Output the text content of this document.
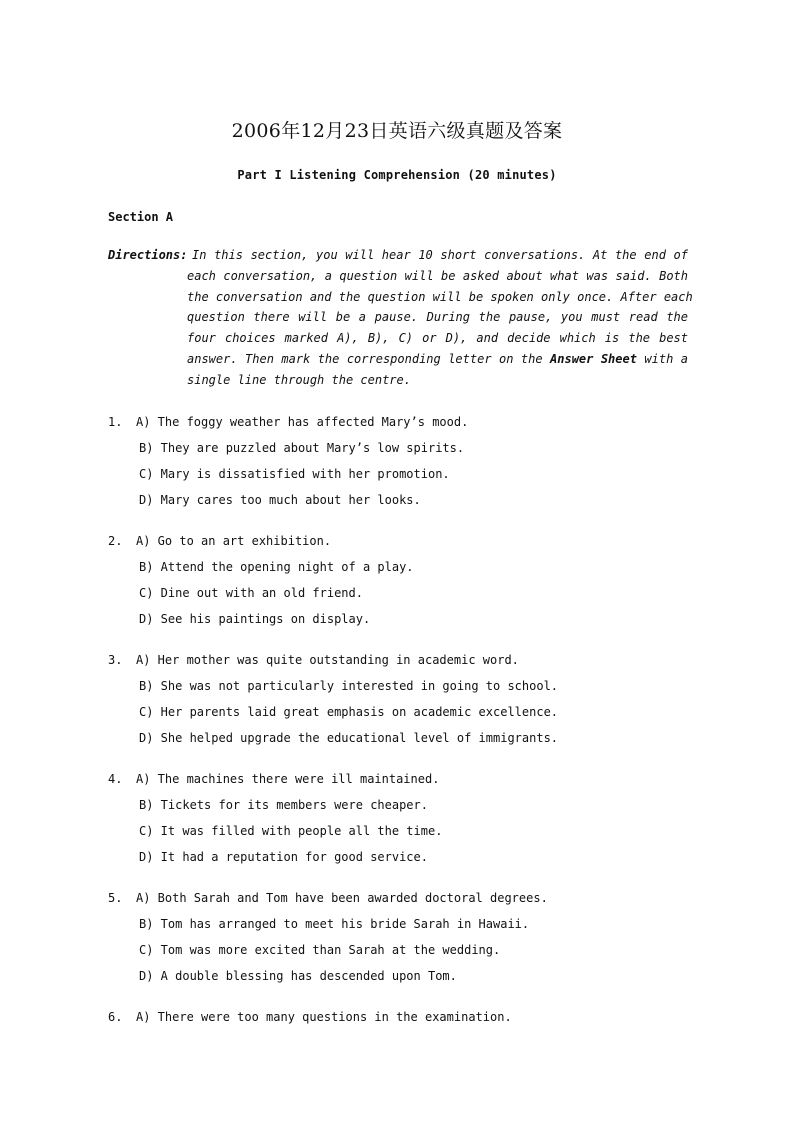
2006年12月23日英语六级真题及答案
Part I Listening Comprehension (20 minutes)
Section A
Directions: In this section, you will hear 10 short conversations. At the end of
each conversation, a question will be asked about what was said. Both
the conversation and the question will be spoken only once. After each
question there will be a pause. During the pause, you must read the
four choices marked A), B), C) or D), and decide which is the best
answer. Then mark the corresponding letter on the Answer Sheet with a
single line through the centre.

1.

A) The foggy weather has affected Mary’s mood.

B) They are puzzled about Mary’s low spirits.

C) Mary is dissatisfied with her promotion.

D) Mary cares too much about her looks.

2.

A) Go to an art exhibition.

B) Attend the opening night of a play.

C) Dine out with an old friend.

D) See his paintings on display.

3.

A) Her mother was quite outstanding in academic word.

B) She was not particularly interested in going to school.

C) Her parents laid great emphasis on academic excellence.

D) She helped upgrade the educational level of immigrants.

4.

A) The machines there were ill maintained.

B) Tickets for its members were cheaper.

C) It was filled with people all the time.

D) It had a reputation for good service.

5.

A) Both Sarah and Tom have been awarded doctoral degrees.

B) Tom has arranged to meet his bride Sarah in Hawaii.

C) Tom was more excited than Sarah at the wedding.

D) A double blessing has descended upon Tom.

6.

A) There were too many questions in the examination.
